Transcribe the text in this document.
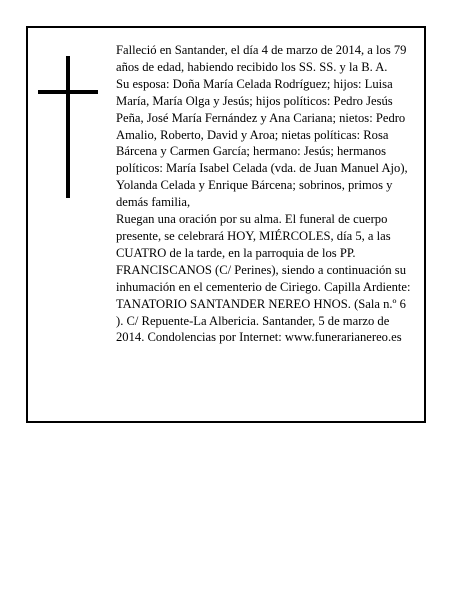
Falleció en Santander, el día 4 de marzo de 2014, a los 79 años de edad, habiendo recibido los SS. SS. y la B. A.

Su esposa: Doña María Celada Rodríguez; hijos: Luisa María, María Olga y Jesús; hijos políticos: Pedro Jesús Peña, José María Fernández y Ana Cariana; nietos: Pedro Amalio, Roberto, David y Aroa; nietas políticas: Rosa Bárcena y Carmen García; hermano: Jesús; hermanos políticos: María Isabel Celada (vda. de Juan Manuel Ajo), Yolanda Celada y Enrique Bárcena; sobrinos, primos y demás familia,

Ruegan una oración por su alma. El funeral de cuerpo presente, se celebrará HOY, MIÉRCOLES, día 5, a las CUATRO de la tarde, en la parroquia de los PP. FRANCISCANOS (C/ Perines), siendo a continuación su inhumación en el cementerio de Ciriego. Capilla Ardiente: TANATORIO SANTANDER NEREO HNOS. (Sala n.º 6 ). C/ Repuente-La Albericia. Santander, 5 de marzo de 2014. Condolencias por Internet: www.funerarianereo.es
